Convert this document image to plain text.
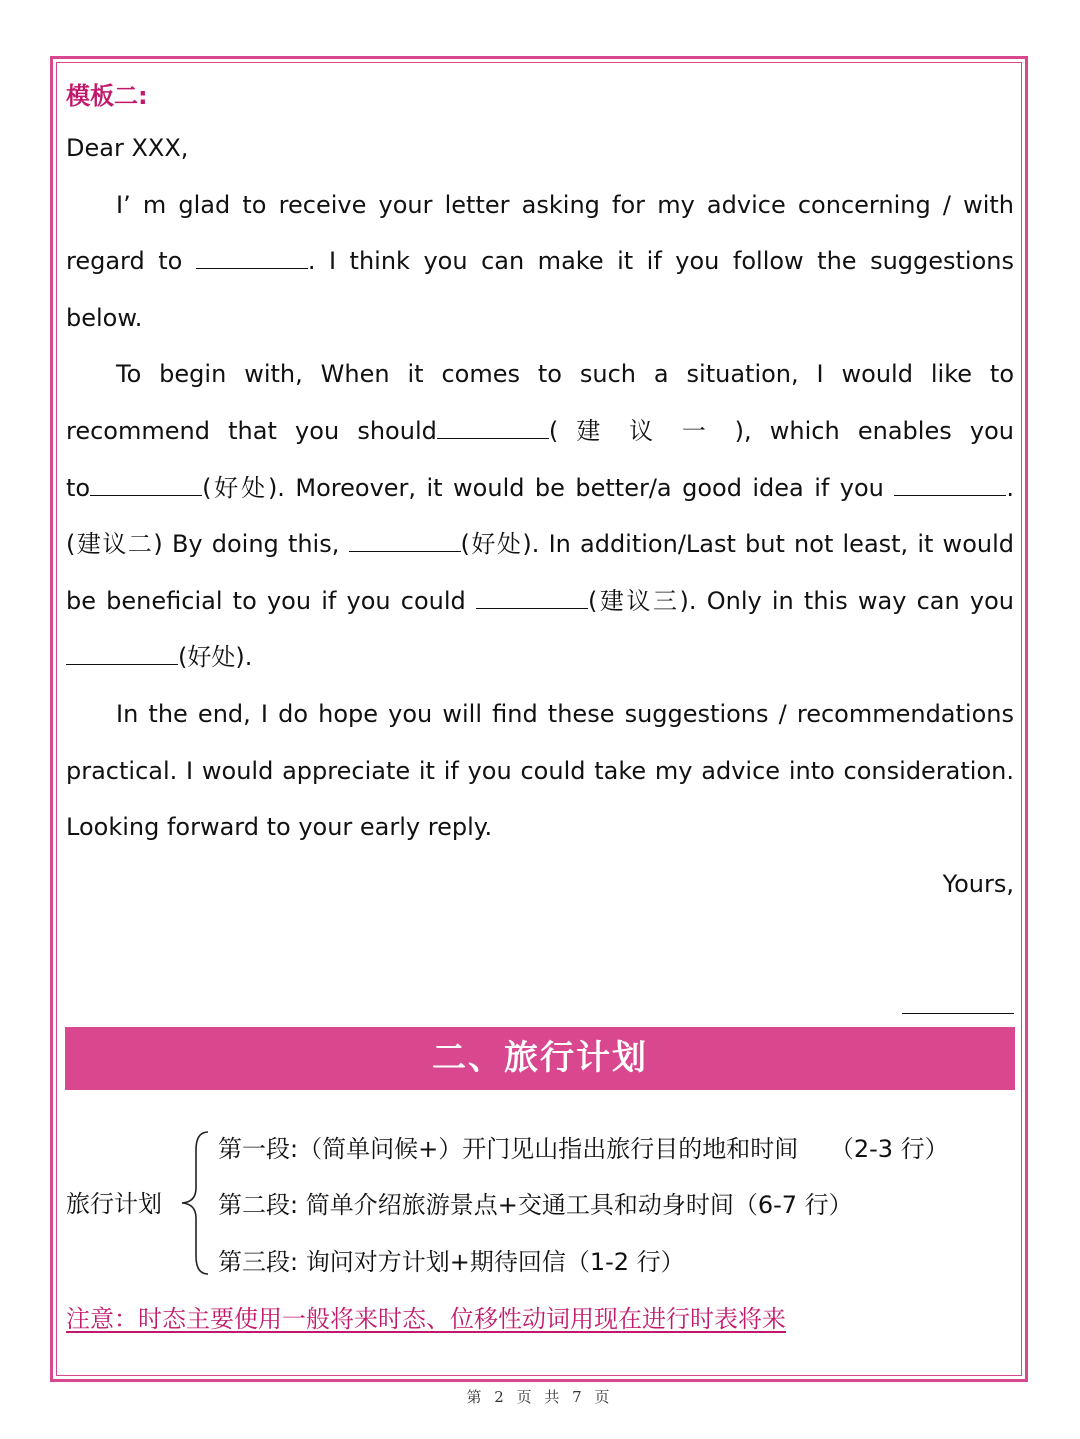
模板二:
Dear XXX,
I’ m glad to receive your letter asking for my advice concerning / with
regard to	. I think you can make it if you follow the suggestions
below.
To begin with, When it comes to such a situation, I would like to
recommend that you should	( 建 议 一 ), which enables you
to	(好处). Moreover, it would be better/a good idea if you	.
(建议二) By doing this,	(好处). In addition/Last but not least, it would
be beneficial to you if you could	(建议三). Only in this way can you
(好处).
In the end, I do hope you will find these suggestions / recommendations
practical. I would appreciate it if you could take my advice into consideration.
Looking forward to your early reply.
Yours,
二、旅行计划
旅行计划
第一段:（简单问候+）开门见山指出旅行目的地和时间　 （2-3 行）
第二段: 简单介绍旅游景点+交通工具和动身时间（6-7 行）
第三段: 询问对方计划+期待回信（1-2 行）
注意：时态主要使用一般将来时态、位移性动词用现在进行时表将来
第 2 页 共 7 页
